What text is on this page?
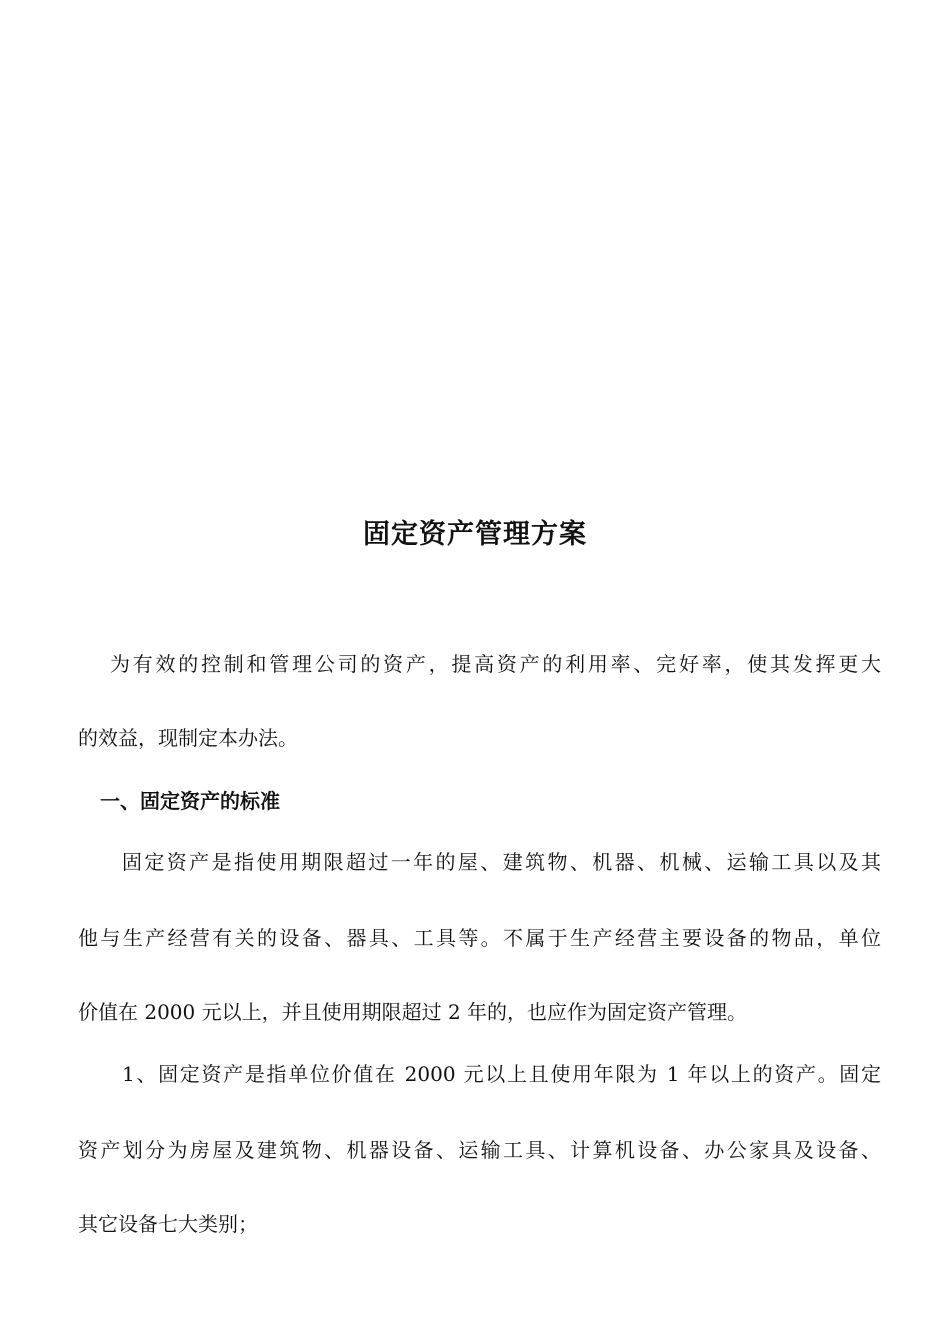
固定资产管理方案

为有效的控制和管理公司的资产，提高资产的利用率、完好率，使其发挥更大

的效益，现制定本办法。

一、固定资产的标准

固定资产是指使用期限超过一年的屋、建筑物、机器、机械、运输工具以及其

他与生产经营有关的设备、器具、工具等。不属于生产经营主要设备的物品，单位

价值在 2000 元以上，并且使用期限超过 2 年的，也应作为固定资产管理。

1、固定资产是指单位价值在 2000 元以上且使用年限为 1 年以上的资产。固定

资产划分为房屋及建筑物、机器设备、运输工具、计算机设备、办公家具及设备、

其它设备七大类别；
